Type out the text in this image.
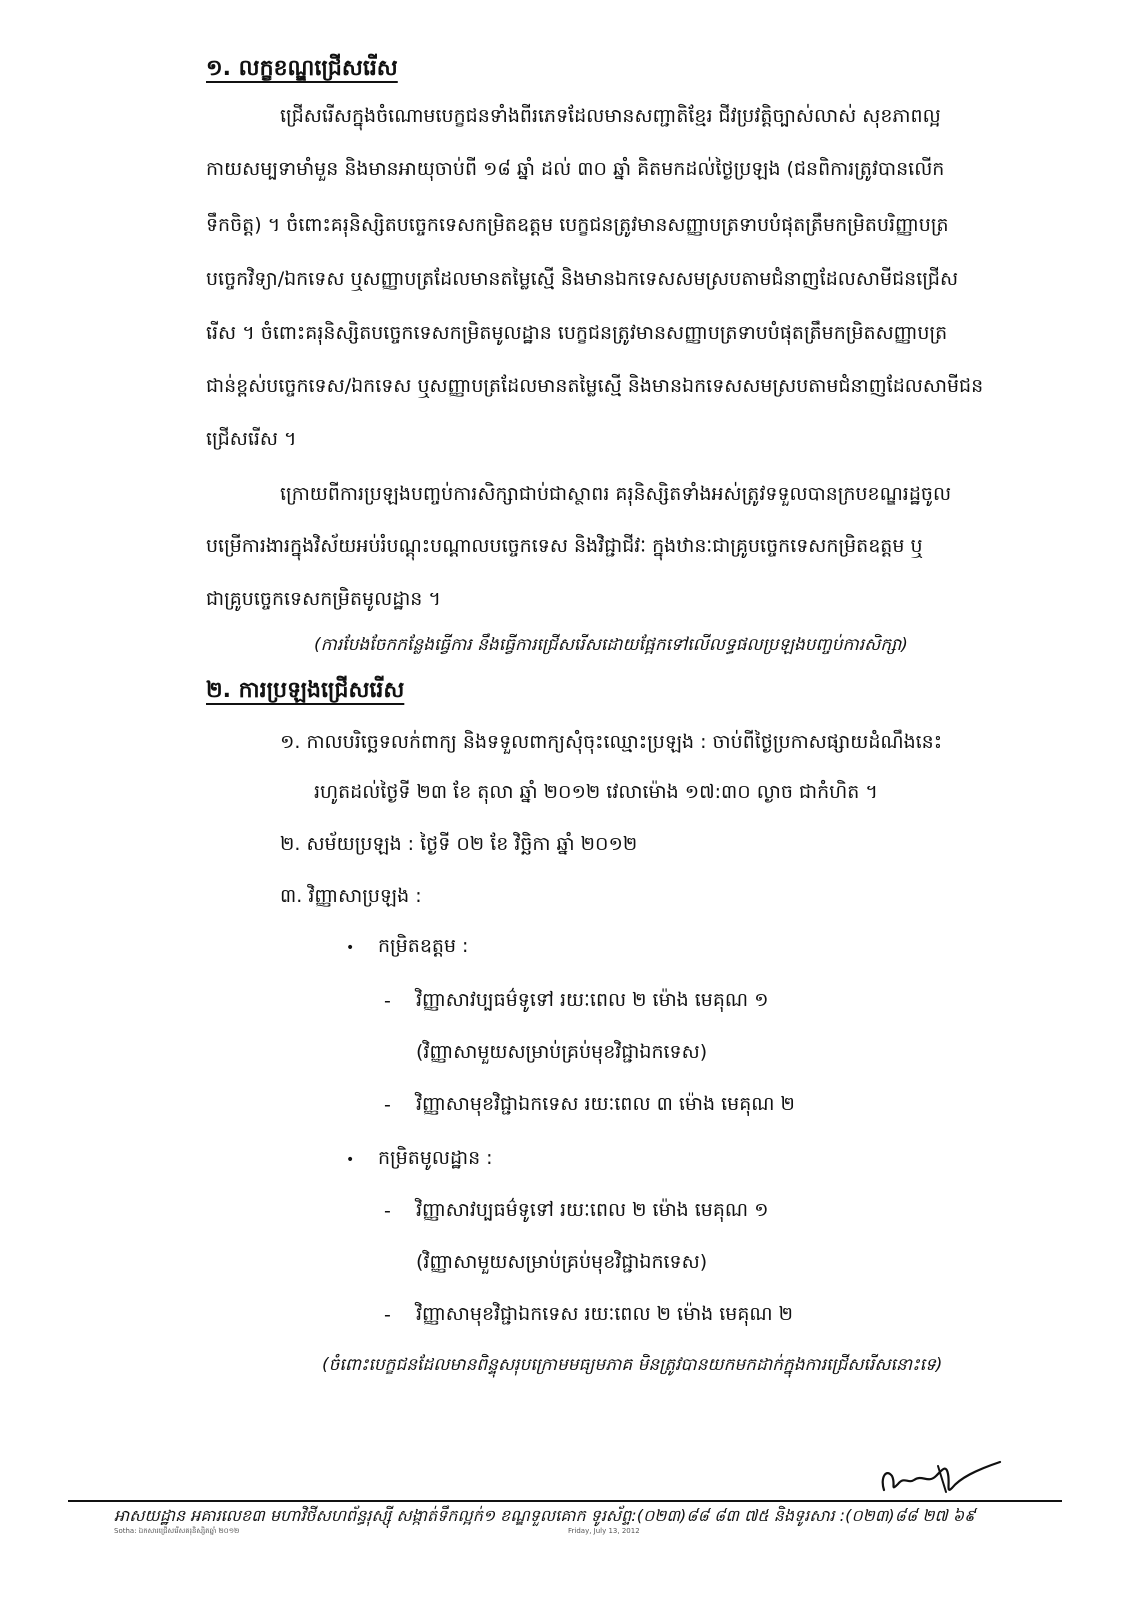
១. លក្ខខណ្ឌជ្រើសរើស
ជ្រើសរើសក្នុងចំណោមបេក្ខជនទាំងពីរភេទដែលមានសញ្ជាតិខ្មែរ ជីវប្រវត្តិច្បាស់លាស់ សុខភាពល្អ
កាយសម្បទាមាំមួន និងមានអាយុចាប់ពី ១៨ ឆ្នាំ ដល់ ៣០ ឆ្នាំ គិតមកដល់ថ្ងៃប្រឡង (ជនពិការត្រូវបានលើក
ទឹកចិត្ត) ។ ចំពោះគរុនិស្សិតបច្ចេកទេសកម្រិតឧត្តម បេក្ខជនត្រូវមានសញ្ញាបត្រទាបបំផុតត្រឹមកម្រិតបរិញ្ញាបត្រ
បច្ចេកវិទ្យា/ឯកទេស ឬសញ្ញាបត្រដែលមានតម្លៃស្មើ និងមានឯកទេសសមស្របតាមជំនាញដែលសាមីជនជ្រើស
រើស ។ ចំពោះគរុនិស្សិតបច្ចេកទេសកម្រិតមូលដ្ឋាន បេក្ខជនត្រូវមានសញ្ញាបត្រទាបបំផុតត្រឹមកម្រិតសញ្ញាបត្រ
ជាន់ខ្ពស់បច្ចេកទេស/ឯកទេស ឬសញ្ញាបត្រដែលមានតម្លៃស្មើ និងមានឯកទេសសមស្របតាមជំនាញដែលសាមីជន
ជ្រើសរើស ។
ក្រោយពីការប្រឡងបញ្ចប់ការសិក្សាជាប់ជាស្ថាពរ គរុនិស្សិតទាំងអស់ត្រូវទទួលបានក្របខណ្ឌរដ្ឋចូល
បម្រើការងារក្នុងវិស័យអប់រំបណ្តុះបណ្តាលបច្ចេកទេស និងវិជ្ជាជីវៈ ក្នុងឋានៈជាគ្រូបច្ចេកទេសកម្រិតឧត្តម ឬ
ជាគ្រូបច្ចេកទេសកម្រិតមូលដ្ឋាន ។
(ការបែងចែកកន្លែងធ្វើការ នឹងធ្វើការជ្រើសរើសដោយផ្អែកទៅលើលទ្ធផលប្រឡងបញ្ចប់ការសិក្សា)
២. ការប្រឡងជ្រើសរើស
១. កាលបរិច្ឆេទលក់ពាក្យ និងទទួលពាក្យសុំចុះឈ្មោះប្រឡង : ចាប់ពីថ្ងៃប្រកាសផ្សាយដំណឹងនេះ
រហូតដល់ថ្ងៃទី ២៣ ខែ តុលា ឆ្នាំ ២០១២ វេលាម៉ោង ១៧:៣០ ល្ងាច ជាកំហិត ។
២. សម័យប្រឡង : ថ្ងៃទី ០២ ខែ វិច្ឆិកា ឆ្នាំ ២០១២
៣. វិញ្ញាសាប្រឡង :
• កម្រិតឧត្តម :
- វិញ្ញាសាវប្បធម៌ទូទៅ រយៈពេល ២ ម៉ោង មេគុណ ១
(វិញ្ញាសាមួយសម្រាប់គ្រប់មុខវិជ្ជាឯកទេស)
- វិញ្ញាសាមុខវិជ្ជាឯកទេស រយៈពេល ៣ ម៉ោង មេគុណ ២
• កម្រិតមូលដ្ឋាន :
- វិញ្ញាសាវប្បធម៌ទូទៅ រយៈពេល ២ ម៉ោង មេគុណ ១
(វិញ្ញាសាមួយសម្រាប់គ្រប់មុខវិជ្ជាឯកទេស)
- វិញ្ញាសាមុខវិជ្ជាឯកទេស រយៈពេល ២ ម៉ោង មេគុណ ២
(ចំពោះបេក្ខជនដែលមានពិន្ទុសរុបក្រោមមធ្យមភាគ មិនត្រូវបានយកមកដាក់ក្នុងការជ្រើសរើសនោះទេ)
អាសយដ្ឋាន អគារលេខ៣ មហាវិថីសហព័ន្ធរុស្ស៊ី សង្កាត់ទឹកល្អក់១ ខណ្ឌទួលគោក ទូរស័ព្ទ:(០២៣)៨៨ ៨៣ ៧៥ និងទូរសារ :(០២៣)៨៨ ២៧ ៦៩
Sotha: ឯកសារជ្រើសរើសគរុនិស្សិតឆ្នាំ ២០១២	Friday, July 13, 2012
